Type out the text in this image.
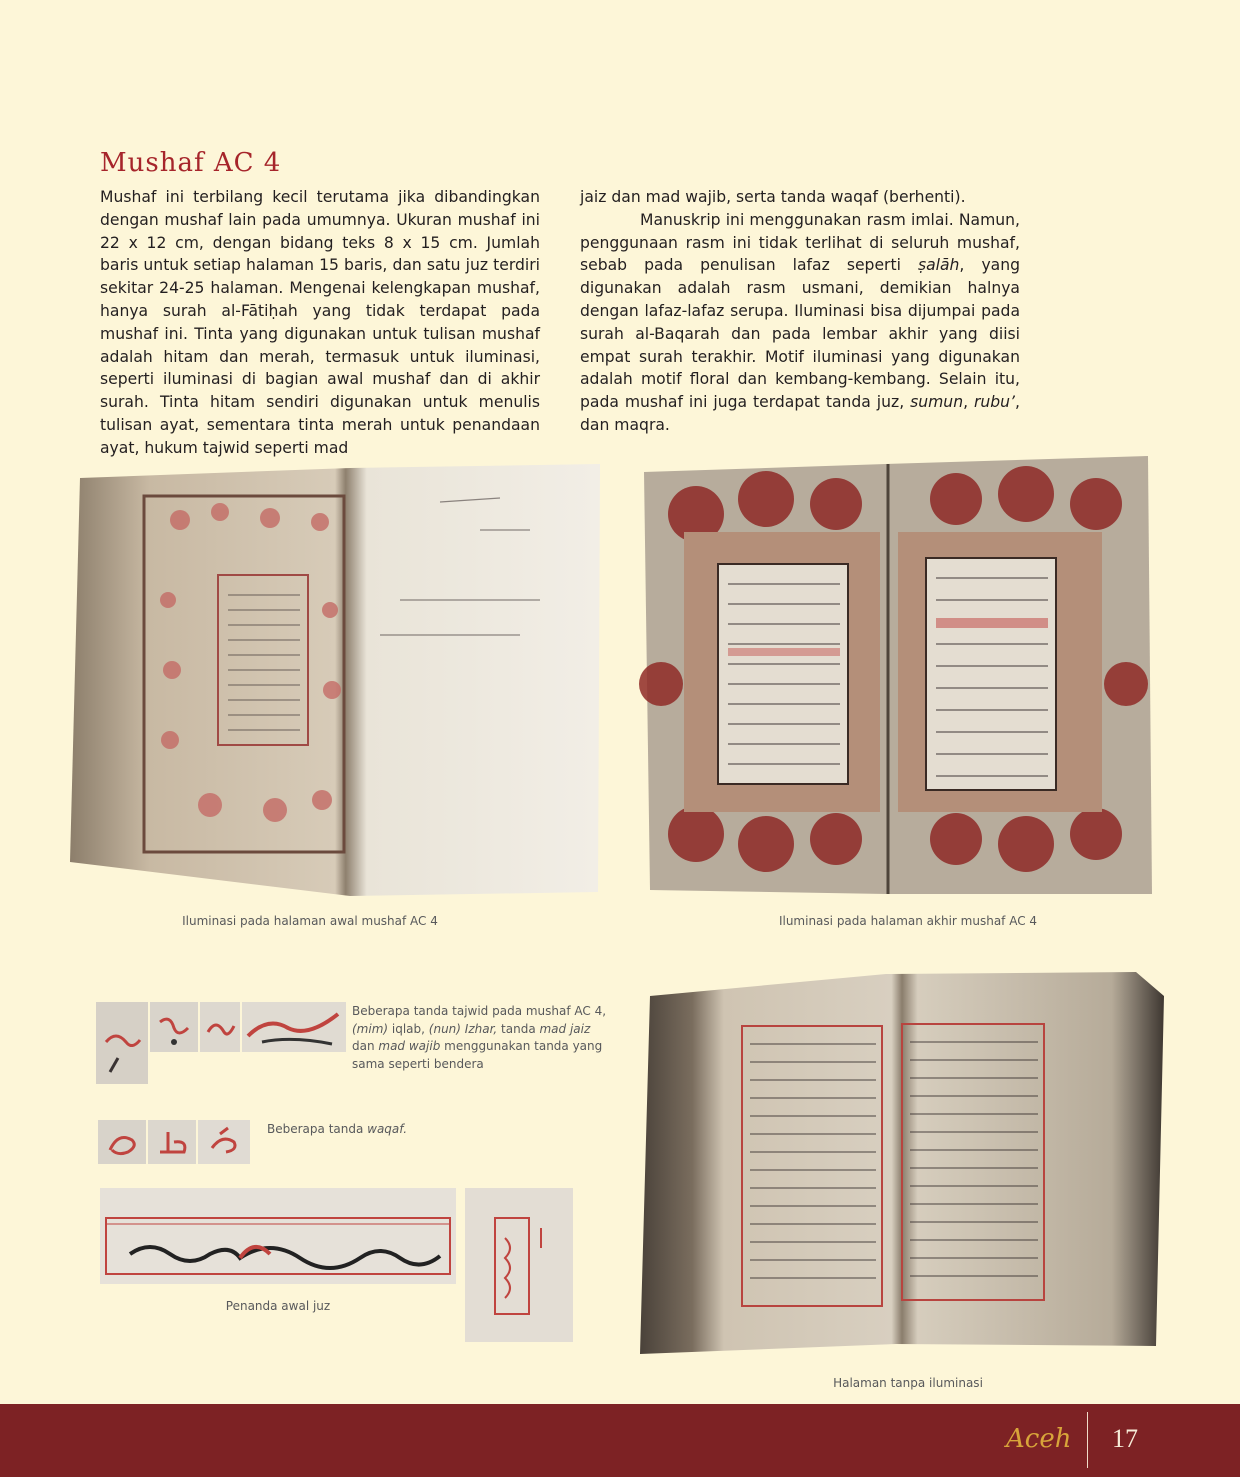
Mushaf AC 4

Mushaf ini terbilang kecil terutama jika dibandingkan dengan mushaf lain pada umumnya. Ukuran mushaf ini 22 x 12 cm, dengan bidang teks 8 x 15 cm. Jumlah baris untuk setiap halaman 15 baris, dan satu juz terdiri sekitar 24-25 halaman. Mengenai kelengkapan mushaf, hanya surah al-Fātiḥah yang tidak terdapat pada mushaf ini. Tinta yang digunakan untuk tulisan mushaf adalah hitam dan merah, termasuk untuk iluminasi, seperti iluminasi di bagian awal mushaf dan di akhir surah. Tinta hitam sendiri digunakan untuk menulis tulisan ayat, sementara tinta merah untuk penandaan ayat, hukum tajwid seperti mad

jaiz dan mad wajib, serta tanda waqaf (berhenti).

Manuskrip ini menggunakan rasm imlai. Namun, penggunaan rasm ini tidak terlihat di seluruh mushaf, sebab pada penulisan lafaz seperti ṣalāh, yang digunakan adalah rasm usmani, demikian halnya dengan lafaz-lafaz serupa. Iluminasi bisa dijumpai pada surah al-Baqarah dan pada lembar akhir yang diisi empat surah terakhir. Motif iluminasi yang digunakan adalah motif floral dan kembang-kembang. Selain itu, pada mushaf ini juga terdapat tanda juz, sumun, rubu’, dan maqra.

Iluminasi pada halaman awal mushaf AC 4	Iluminasi pada halaman akhir mushaf AC 4
Beberapa tanda tajwid pada mushaf AC 4, (mim) iqlab, (nun) Izhar, tanda mad jaiz dan mad wajib menggunakan tanda yang sama seperti bendera
Beberapa tanda waqaf.
Penanda awal juz
Halaman tanpa iluminasi
Aceh 17
